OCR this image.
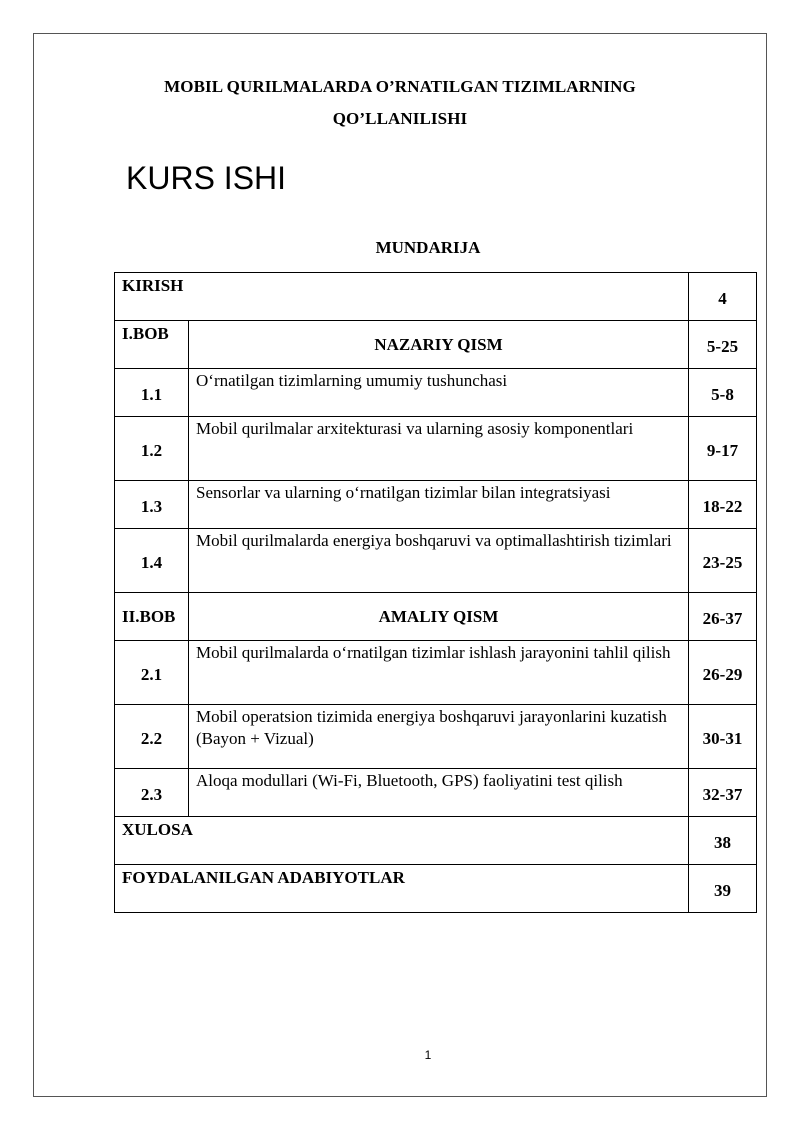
MOBIL QURILMALARDA O’RNATILGAN TIZIMLARNING
QO’LLANILISHI
KURS ISHI
MUNDARIJA
KIRISH		4
I.BOB	NAZARIY QISM	5-25
1.1	O‘rnatilgan tizimlarning umumiy tushunchasi	5-8
1.2	Mobil qurilmalar arxitekturasi va ularning asosiy komponentlari	9-17
1.3	Sensorlar va ularning o‘rnatilgan tizimlar bilan integratsiyasi	18-22
1.4	Mobil qurilmalarda energiya boshqaruvi va optimallashtirish tizimlari	23-25
II.BOB	AMALIY QISM	26-37
2.1	Mobil qurilmalarda o‘rnatilgan tizimlar ishlash jarayonini tahlil qilish	26-29
2.2	Mobil operatsion tizimida energiya boshqaruvi jarayonlarini kuzatish (Bayon + Vizual)	30-31
2.3	Aloqa modullari (Wi-Fi, Bluetooth, GPS) faoliyatini test qilish	32-37
XULOSA		38
FOYDALANILGAN ADABIYOTLAR		39
1
